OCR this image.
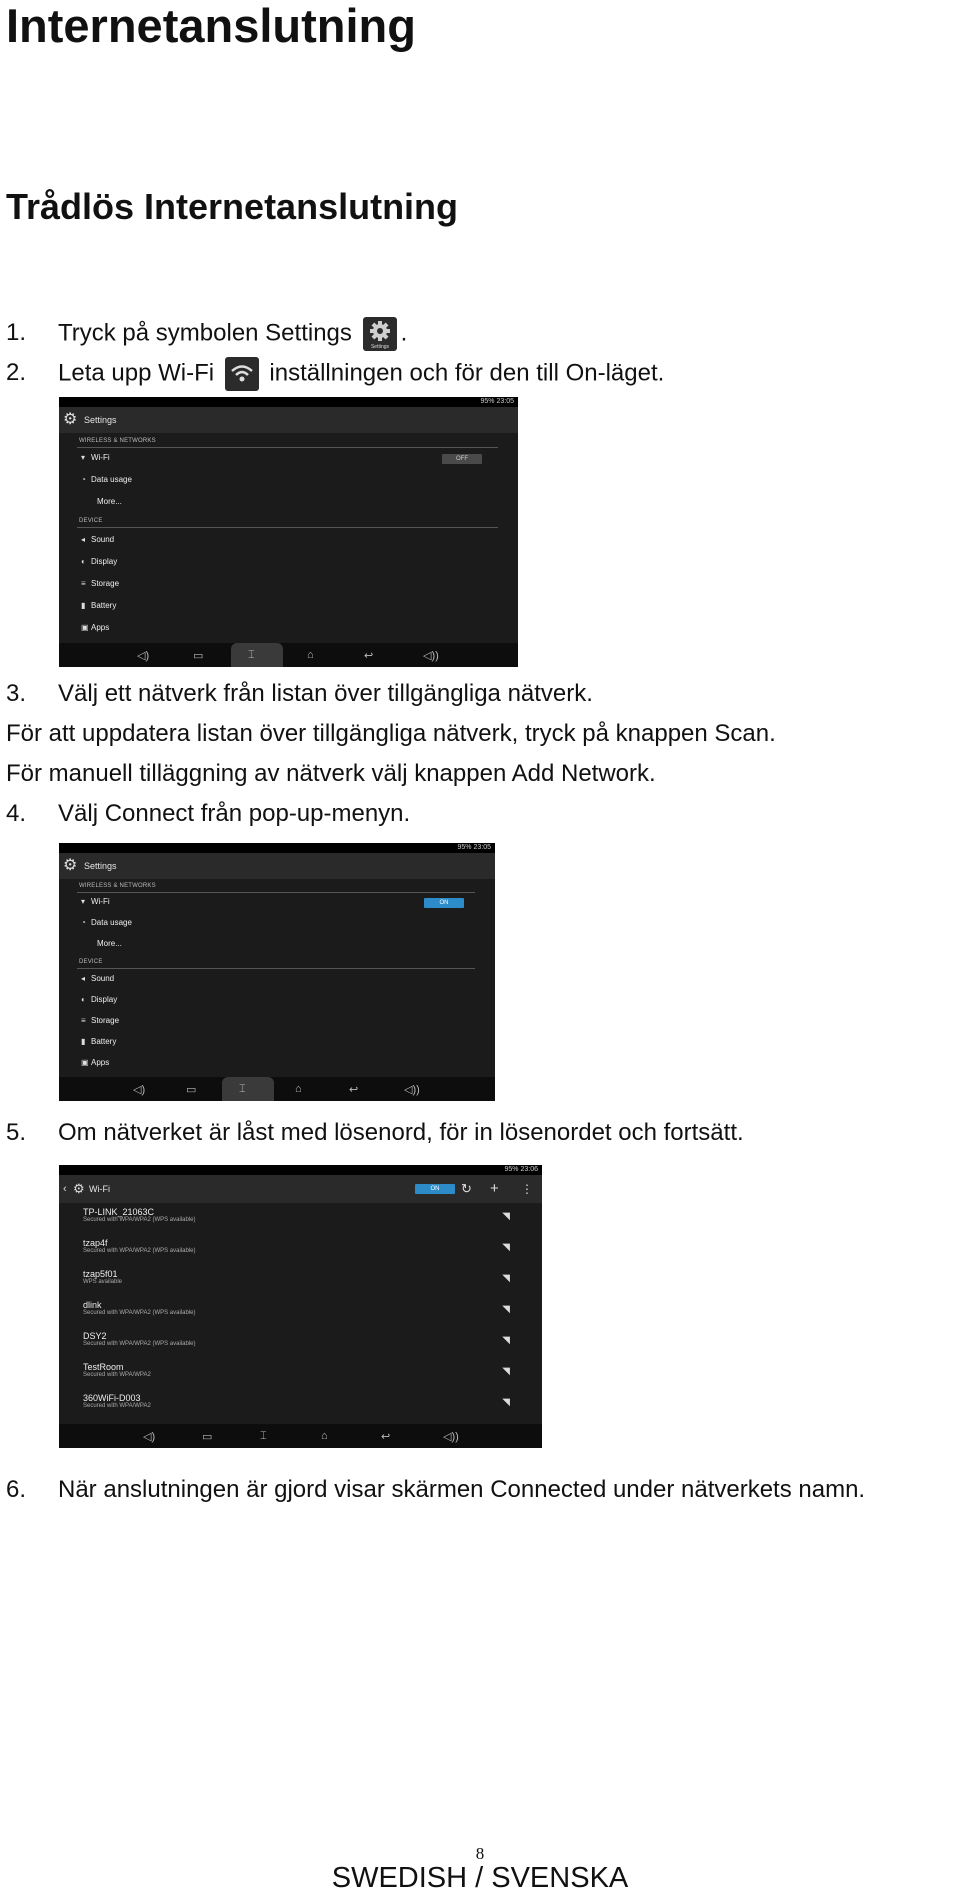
Internetanslutning
Trådlös Internetanslutning
1. Tryck på symbolen Settings
Settings
.
2. Leta upp Wi-Fi inställningen och för den till On-läget.
95% 23:05
⚙ Settings
WIRELESS & NETWORKS
▾ Wi-Fi	OFF
◔ Data usage
More...
DEVICE
◂ Sound
◐ Display
≡ Storage
▮ Battery
▣ Apps
◁)	▭	⌶	⌂	↩	◁))
3. Välj ett nätverk från listan över tillgängliga nätverk.
För att uppdatera listan över tillgängliga nätverk, tryck på knappen Scan.
För manuell tilläggning av nätverk välj knappen Add Network.
4. Välj Connect från pop-up-menyn.
95% 23:05
⚙ Settings
WIRELESS & NETWORKS
▾ Wi-Fi	ON
◔ Data usage
More...
DEVICE
◂ Sound
◐ Display
≡ Storage
▮ Battery
▣ Apps
◁)	▭	⌶	⌂	↩	◁))
5. Om nätverket är låst med lösenord, för in lösenordet och fortsätt.
95% 23:06
‹ ⚙ Wi-Fi	ON	↻ + ⋮
TP-LINK_21063C
Secured with WPA/WPA2 (WPS available)	◥
tzap4f
Secured with WPA/WPA2 (WPS available)	◥
tzap5f01
WPS available	◥
dlink
Secured with WPA/WPA2 (WPS available)	◥
DSY2
Secured with WPA/WPA2 (WPS available)	◥
TestRoom
Secured with WPA/WPA2	◥
360WiFi-D003
Secured with WPA/WPA2	◥
◁)	▭	⌶	⌂	↩	◁))
6. När anslutningen är gjord visar skärmen Connected under nätverkets namn.
8
SWEDISH / SVENSKA
